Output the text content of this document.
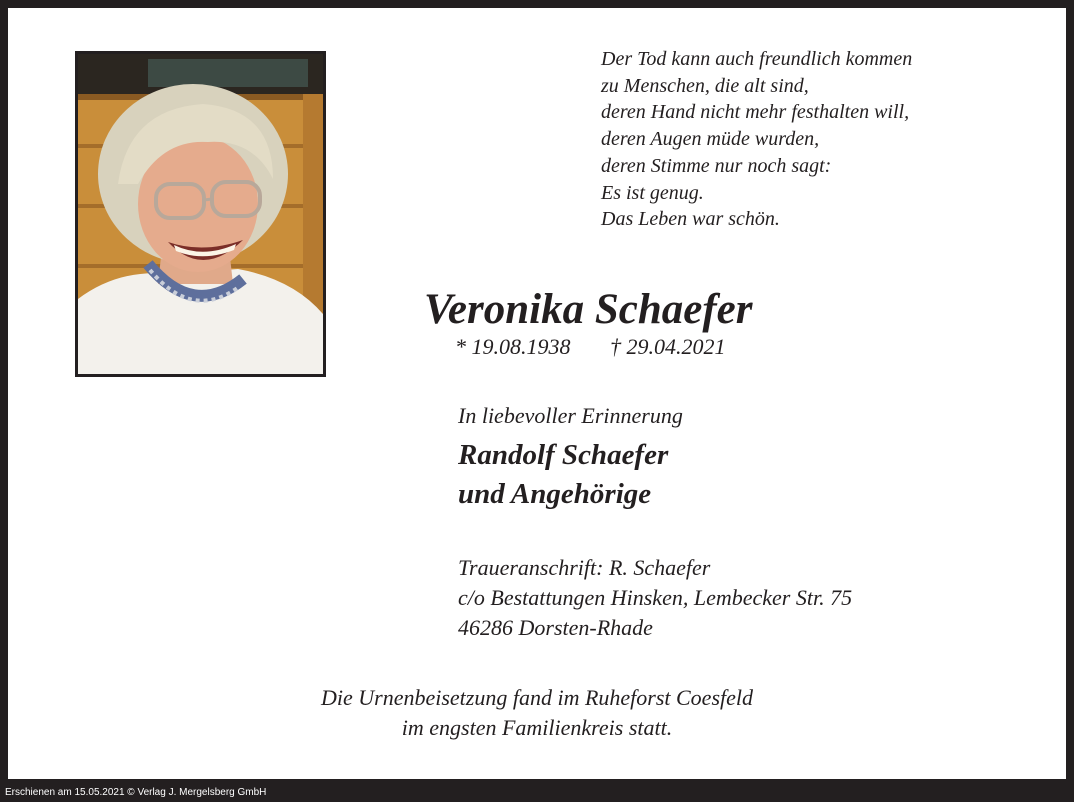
Der Tod kann auch freundlich kommen
zu Menschen, die alt sind,
deren Hand nicht mehr festhalten will,
deren Augen müde wurden,
deren Stimme nur noch sagt:
Es ist genug.
Das Leben war schön.
Veronika Schaefer
* 19.08.1938 † 29.04.2021
In liebevoller Erinnerung
Randolf Schaefer
und Angehörige
Traueranschrift: R. Schaefer
c/o Bestattungen Hinsken, Lembecker Str. 75
46286 Dorsten-Rhade
Die Urnenbeisetzung fand im Ruheforst Coesfeld
im engsten Familienkreis statt.
Erschienen am 15.05.2021 © Verlag J. Mergelsberg GmbH
